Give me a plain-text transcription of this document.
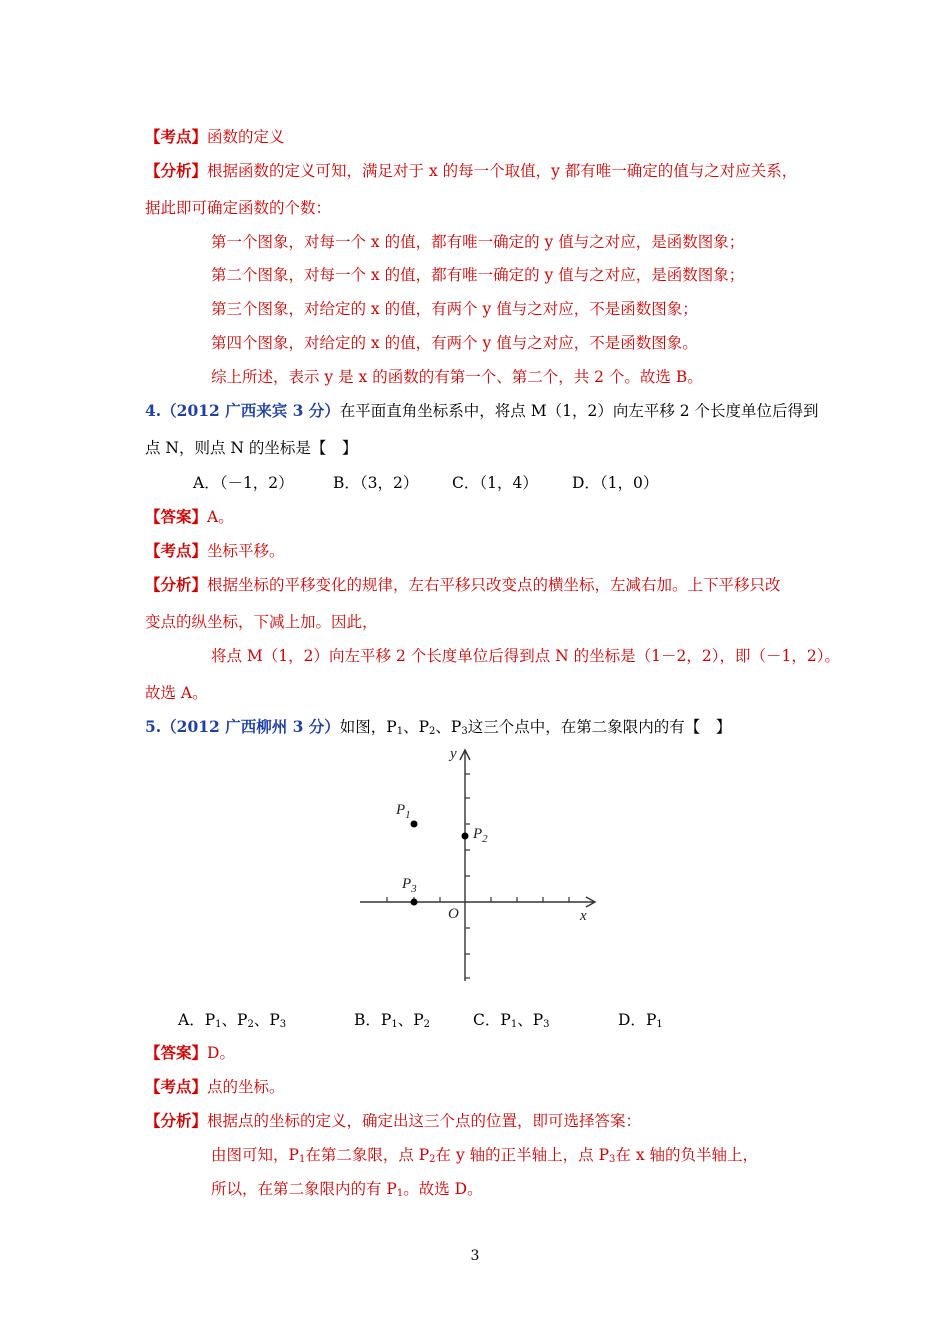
【考点】函数的定义
【分析】根据函数的定义可知，满足对于 x 的每一个取值，y 都有唯一确定的值与之对应关系，
据此即可确定函数的个数：
第一个图象，对每一个 x 的值，都有唯一确定的 y 值与之对应，是函数图象；
第二个图象，对每一个 x 的值，都有唯一确定的 y 值与之对应，是函数图象；
第三个图象，对给定的 x 的值，有两个 y 值与之对应，不是函数图象；
第四个图象，对给定的 x 的值，有两个 y 值与之对应，不是函数图象。
综上所述，表示 y 是 x 的函数的有第一个、第二个，共 2 个。故选 B。
4.（2012 广西来宾 3 分）在平面直角坐标系中，将点 M（1，2）向左平移 2 个长度单位后得到
点 N，则点 N 的坐标是【　】
A．（－1，2）	B．（3，2） C．（1，4） D．（1，0）
【答案】A。
【考点】坐标平移。
【分析】根据坐标的平移变化的规律，左右平移只改变点的横坐标，左减右加。上下平移只改
变点的纵坐标，下减上加。因此，
将点 M（1，2）向左平移 2 个长度单位后得到点 N 的坐标是（1－2，2），即（－1，2）。
故选 A。
5.（2012 广西柳州 3 分）如图，$P_1$、$P_2$、$P_3$这三个点中，在第二象限内的有【　】
y
x
O
$P_1$
$P_2$
$P_3$
A．$P_1$、$P_2$、$P_3$	B．$P_1$、$P_2$	C．$P_1$、$P_3$	D．$P_1$
【答案】D。
【考点】点的坐标。
【分析】根据点的坐标的定义，确定出这三个点的位置，即可选择答案：
由图可知，$P_1$在第二象限，点 $P_2$在 y 轴的正半轴上，点 $P_3$在 x 轴的负半轴上，
所以，在第二象限内的有 $P_1$。故选 D。
3
